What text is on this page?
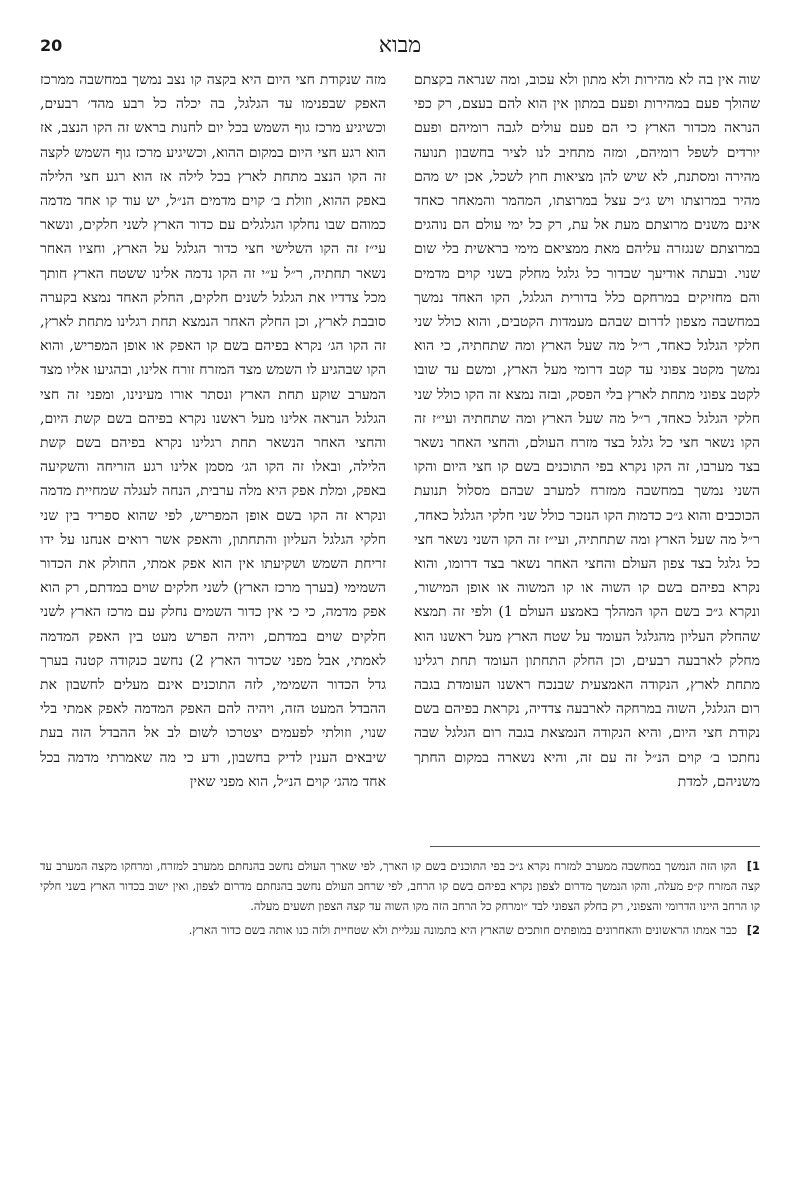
20	מבוא
שוה אין בה לא מהירות ולא מתון ולא עכוב, ומה שנראה בקצתם שהולך פעם במהירות ופעם במתון אין הוא להם בעצם, רק כפי הנראה מכדור הארץ כי הם פעם עולים לגבה רומיהם ופעם יורדים לשפל רומיהם, ומזה מתחיב לנו לציר בחשבון תנועה מהירה ומסתנת, לא שיש להן מציאות חוץ לשכל, אכן יש מהם מהיר במרוצתו ויש ג״כ עצל במרוצתו, המהמר והמאחר כאחד אינם משנים מרוצתם מעת אל עת, רק כל ימי עולם הם נוהגים במרוצתם שנגזרה עליהם מאת ממציאם מימי בראשית בלי שום שנוי. ובעתה אודיעך שבדור כל גלגל מחלק בשני קוים מדמים והם מחזיקים במרחקם כלל בדורית הגלגל, הקו האחד נמשך במחשבה מצפון לדרום שבהם מעמדות הקטבים, והוא כולל שני חלקי הגלגל כאחד, ר״ל מה שעל הארץ ומה שתחתיה, כי הוא נמשך מקטב צפוני עד קטב דרומי מעל הארץ, ומשם עד שובו לקטב צפוני מתחת לארץ בלי הפסק, ובזה נמצא זה הקו כולל שני חלקי הגלגל כאחד, ר״ל מה שעל הארץ ומה שתחתיה ועי״ז זה הקו נשאר חצי כל גלגל בצד מזרח העולם, והחצי האחר נשאר בצד מערבו, זה הקו נקרא בפי התוכנים בשם קו חצי היום והקו השני נמשך במחשבה ממזרח למערב שבהם מסלול תנועת הכוכבים והוא ג״כ כדמות הקו הנזכר כולל שני חלקי הגלגל כאחד, ר״ל מה שעל הארץ ומה שתחתיה, ועי״ז זה הקו השני נשאר חצי כל גלגל בצד צפון העולם והחצי האחר נשאר בצד דרומו, והוא נקרא בפיהם בשם קו השוה או קו המשוה או אופן המישור, ונקרא ג״כ בשם הקו המהלך באמצע העולם 1) ולפי זה תמצא שהחלק העליון מהגלגל העומד על שטח הארץ מעל ראשנו הוא מחלק לארבעה רבעים, וכן החלק התחתון העומד תחת רגלינו מתחת לארץ, הנקודה האמצעית שבנכח ראשנו העומדת בגבה רום הגלגל, השוה במרחקה לארבעה צדדיה, נקראת בפיהם בשם נקודת חצי היום, והיא הנקודה הנמצאת בגבה רום הגלגל שבה נחתכו ב׳ קוים הנ״ל זה עם זה, והיא נשארה במקום החתך משניהם, למדת
מזה שנקודת חצי היום היא בקצה קו נצב נמשך במחשבה ממרכז האפק שבפנימו עד הגלגל, בה יכלה כל רבע מהד׳ רבעים, וכשיגיע מרכז גוף השמש בכל יום לחנות בראש זה הקו הנצב, אז הוא רגע חצי היום במקום ההוא, וכשיגיע מרכז גוף השמש לקצה זה הקו הנצב מתחת לארץ בכל לילה אז הוא רגע חצי הלילה באפק ההוא, וזולת ב׳ קוים מדמים הנ״ל, יש עוד קו אחד מדמה כמוהם שבו נחלקו הגלגלים עם כדור הארץ לשני חלקים, ונשאר עי״ז זה הקו השלישי חצי כדור הגלגל על הארץ, וחציו האחר נשאר תחתיה, ר״ל ע״י זה הקו נדמה אלינו ששטח הארץ חותך מכל צדדיו את הגלגל לשנים חלקים, החלק האחד נמצא בקערה סובבת לארץ, וכן החלק האחר הנמצא תחת רגלינו מתחת לארץ, זה הקו הג׳ נקרא בפיהם בשם קו האפק או אופן המפריש, והוא הקו שבהגיע לו השמש מצד המזרח זורח אלינו, ובהגיעו אליו מצד המערב שוקע תחת הארץ ונסתר אורו מעינינו, ומפני זה חצי הגלגל הנראה אלינו מעל ראשנו נקרא בפיהם בשם קשת היום, והחצי האחר הנשאר תחת רגלינו נקרא בפיהם בשם קשת הלילה, ובאלו זה הקו הג׳ מסמן אלינו רגע הזריחה והשקיעה באפק, ומלת אפק היא מלה ערבית, הנחה לעגלה שמחיית מדמה ונקרא זה הקו בשם אופן המפריש, לפי שהוא ספריד בין שני חלקי הגלגל העליון והתחתון, והאפק אשר רואים אנחנו על ידו זריחת השמש ושקיעתו אין הוא אפק אמתי, החולק את הכדור השמימי (בערך מרכז הארץ) לשני חלקים שוים במדתם, רק הוא אפק מדמה, כי כי אין כדור השמים נחלק עם מרכז הארץ לשני חלקים שוים במדתם, ויהיה הפרש מעט בין האפק המדמה לאמתי, אבל מפני שכדור הארץ 2) נחשב כנקודה קטנה בערך גדל הכדור השמימי, לזה התוכנים אינם מעלים לחשבון את ההבדל המעט הזה, ויהיה להם האפק המדמה לאפק אמתי בלי שנוי, וזולתי לפעמים יצטרכו לשום לב אל ההבדל הזה בעת שיבאים הענין לדיק בחשבון, ודע כי מה שאמרתי מדמה בכל אחד מהג׳ קוים הנ״ל, הוא מפני שאין

1] הקו הזה הנמשך במחשבה ממערב למזרח נקרא ג״כ בפי התוכנים בשם קו הארך, לפי שארך העולם נחשב בהנחתם ממערב למזרח, ומרחקו מקצה המערב עד קצה המזרח ק״פ מעלה, והקו הנמשך מדרום לצפון נקרא בפיהם בשם קו הרחב, לפי שרחב העולם נחשב בהנחתם מדרום לצפון, ואין ישוב בכדור הארץ בשני חלקי קו הרחב היינו הדרומי והצפוני, רק בחלק הצפוני לבד ״ומרחק כל הרחב הזה מקו השוה עד קצה הצפון תשעים מעלה.

2] כבר אמתו הראשונים והאחרונים במופתים חותכים שהארץ היא בתמונה עגליית ולא שטחיית ולזה כנו אותה בשם כדור הארץ.
